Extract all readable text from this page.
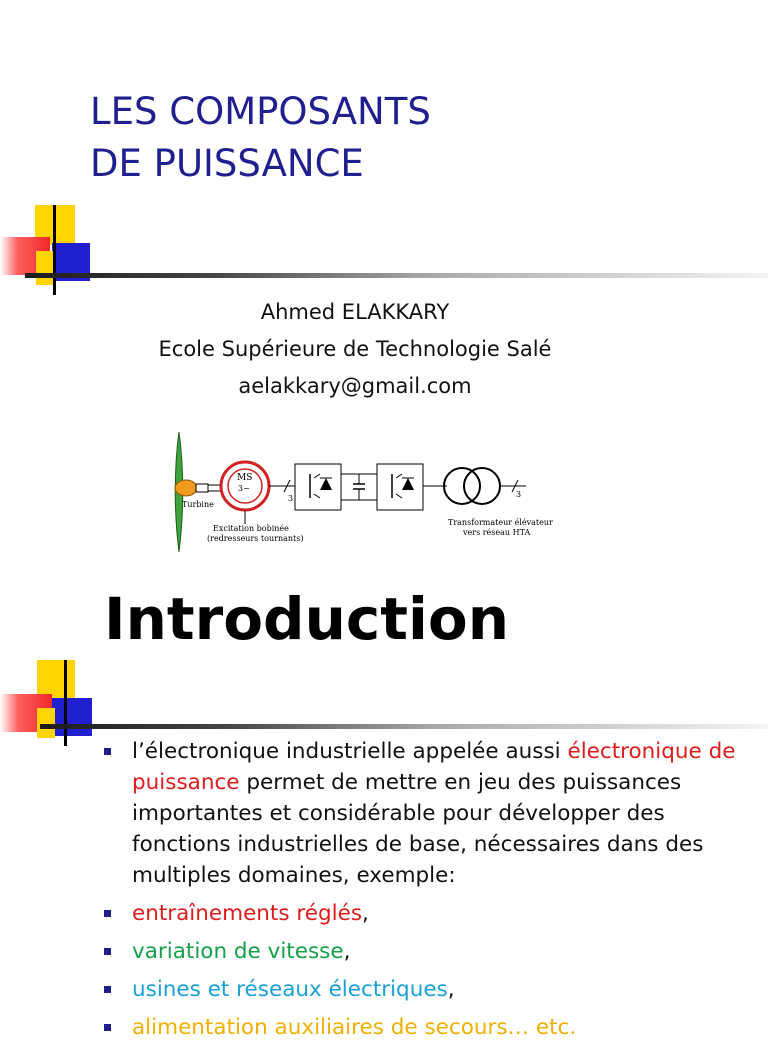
LES COMPOSANTS
DE PUISSANCE
Ahmed ELAKKARY
Ecole Supérieure de Technologie Salé
aelakkary@gmail.com
Turbine
MS
3~
3	3
Excitation bobinée
(redresseurs tournants)
Transformateur élévateur
vers réseau HTA
Introduction
l’électronique industrielle appelée aussi électronique de puissance permet de mettre en jeu des puissances importantes et considérable pour développer des fonctions industrielles de base, nécessaires dans des multiples domaines, exemple:
entraînements réglés,
variation de vitesse,
usines et réseaux électriques,
alimentation auxiliaires de secours… etc.
